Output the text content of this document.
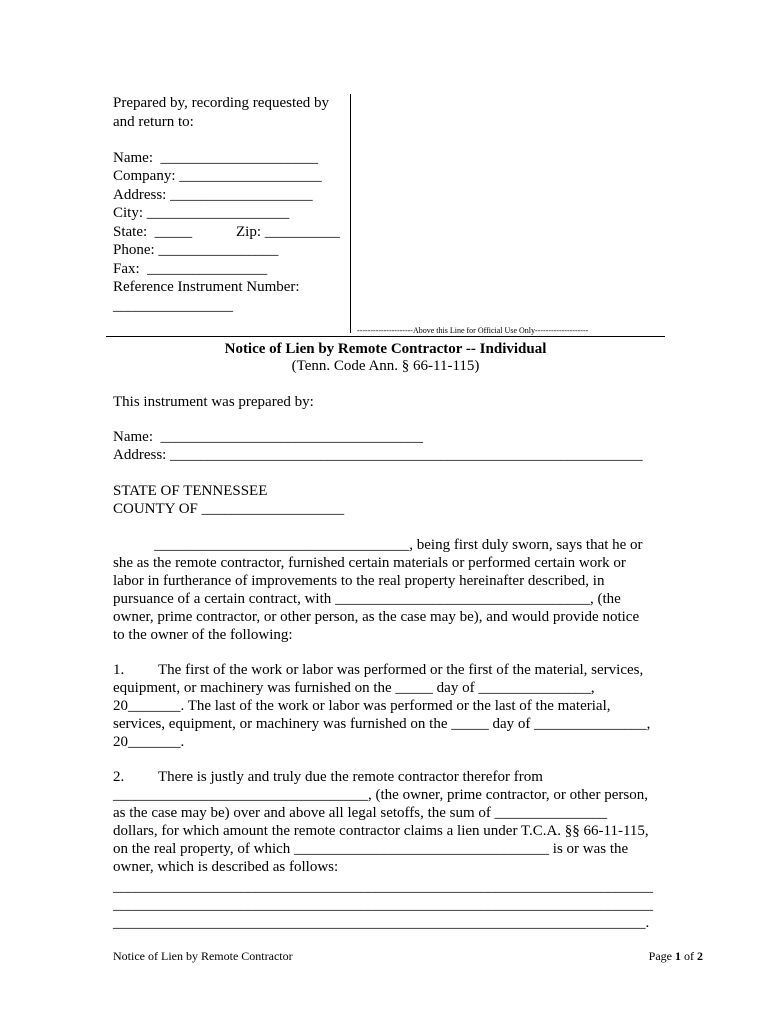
Prepared by, recording requested by
and return to:
Name:  _____________________
Company: ___________________
Address: ___________________
City: ___________________
State:  _____	Zip: __________
Phone: ________________
Fax:  ________________
Reference Instrument Number:
________________
---------------------Above this Line for Official Use Only--------------------
Notice of Lien by Remote Contractor -- Individual
(Tenn. Code Ann. § 66-11-115)
This instrument was prepared by:
Name:  ___________________________________
Address: _______________________________________________________________
STATE OF TENNESSEE
COUNTY OF ___________________
__________________________________, being first duly sworn, says that he or
she as the remote contractor, furnished certain materials or performed certain work or
labor in furtherance of improvements to the real property hereinafter described, in
pursuance of a certain contract, with __________________________________, (the
owner, prime contractor, or other person, as the case may be), and would provide notice
to the owner of the following:
1. The first of the work or labor was performed or the first of the material, services,
equipment, or machinery was furnished on the _____ day of _______________,
20_______. The last of the work or labor was performed or the last of the material,
services, equipment, or machinery was furnished on the _____ day of _______________,
20_______.
2. There is justly and truly due the remote contractor therefor from
__________________________________, (the owner, prime contractor, or other person,
as the case may be) over and above all legal setoffs, the sum of _______________
dollars, for which amount the remote contractor claims a lien under T.C.A. §§ 66-11-115,
on the real property, of which __________________________________ is or was the
owner, which is described as follows:
________________________________________________________________________
________________________________________________________________________
_______________________________________________________________________.
Notice of Lien by Remote Contractor	Page 1 of 2
